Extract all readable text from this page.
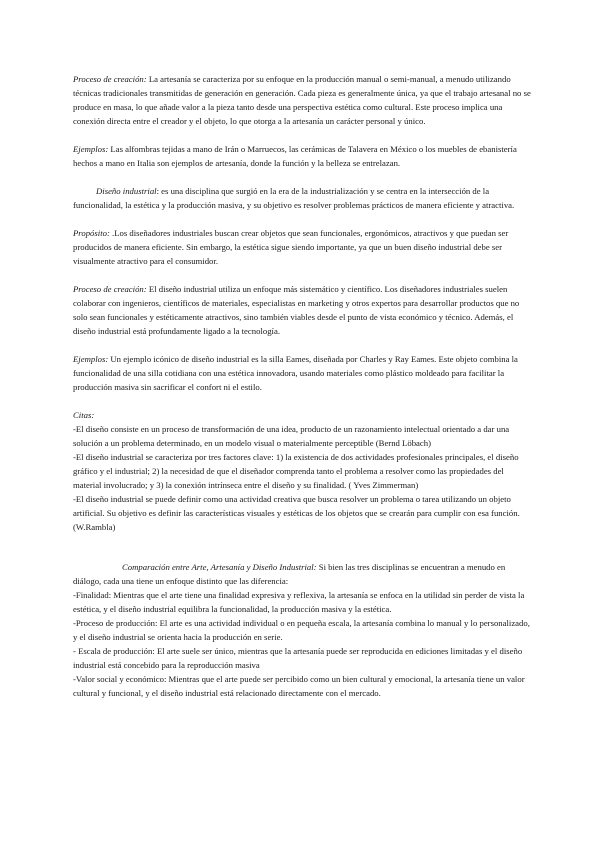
Proceso de creación: La artesanía se caracteriza por su enfoque en la producción manual o semi-manual, a menudo utilizando técnicas tradicionales transmitidas de generación en generación. Cada pieza es generalmente única, ya que el trabajo artesanal no se produce en masa, lo que añade valor a la pieza tanto desde una perspectiva estética como cultural. Este proceso implica una conexión directa entre el creador y el objeto, lo que otorga a la artesanía un carácter personal y único.

Ejemplos: Las alfombras tejidas a mano de Irán o Marruecos, las cerámicas de Talavera en México o los muebles de ebanistería hechos a mano en Italia son ejemplos de artesanía, donde la función y la belleza se entrelazan.

Diseño industrial: es una disciplina que surgió en la era de la industrialización y se centra en la intersección de la funcionalidad, la estética y la producción masiva, y su objetivo es resolver problemas prácticos de manera eficiente y atractiva.

Propósito: .Los diseñadores industriales buscan crear objetos que sean funcionales, ergonómicos, atractivos y que puedan ser producidos de manera eficiente. Sin embargo, la estética sigue siendo importante, ya que un buen diseño industrial debe ser visualmente atractivo para el consumidor.

Proceso de creación: El diseño industrial utiliza un enfoque más sistemático y científico. Los diseñadores industriales suelen colaborar con ingenieros, científicos de materiales, especialistas en marketing y otros expertos para desarrollar productos que no solo sean funcionales y estéticamente atractivos, sino también viables desde el punto de vista económico y técnico. Además, el diseño industrial está profundamente ligado a la tecnología.

Ejemplos: Un ejemplo icónico de diseño industrial es la silla Eames, diseñada por Charles y Ray Eames. Este objeto combina la funcionalidad de una silla cotidiana con una estética innovadora, usando materiales como plástico moldeado para facilitar la producción masiva sin sacrificar el confort ni el estilo.

Citas:
-El diseño consiste en un proceso de transformación de una idea, producto de un razonamiento intelectual orientado a dar una solución a un problema determinado, en un modelo visual o materialmente perceptible (Bernd Löbach)
-El diseño industrial se caracteriza por tres factores clave: 1) la existencia de dos actividades profesionales principales, el diseño gráfico y el industrial; 2) la necesidad de que el diseñador comprenda tanto el problema a resolver como las propiedades del material involucrado; y 3) la conexión intrínseca entre el diseño y su finalidad. ( Yves Zimmerman)
-El diseño industrial se puede definir como una actividad creativa que busca resolver un problema o tarea utilizando un objeto artificial. Su objetivo es definir las características visuales y estéticas de los objetos que se crearán para cumplir con esa función. (W.Rambla)
Comparación entre Arte, Artesanía y Diseño Industrial: Si bien las tres disciplinas se encuentran a menudo en diálogo, cada una tiene un enfoque distinto que las diferencia:
-Finalidad: Mientras que el arte tiene una finalidad expresiva y reflexiva, la artesanía se enfoca en la utilidad sin perder de vista la estética, y el diseño industrial equilibra la funcionalidad, la producción masiva y la estética.
-Proceso de producción: El arte es una actividad individual o en pequeña escala, la artesanía combina lo manual y lo personalizado, y el diseño industrial se orienta hacia la producción en serie.
- Escala de producción: El arte suele ser único, mientras que la artesanía puede ser reproducida en ediciones limitadas y el diseño industrial está concebido para la reproducción masiva
-Valor social y económico: Mientras que el arte puede ser percibido como un bien cultural y emocional, la artesanía tiene un valor cultural y funcional, y el diseño industrial está relacionado directamente con el mercado.
